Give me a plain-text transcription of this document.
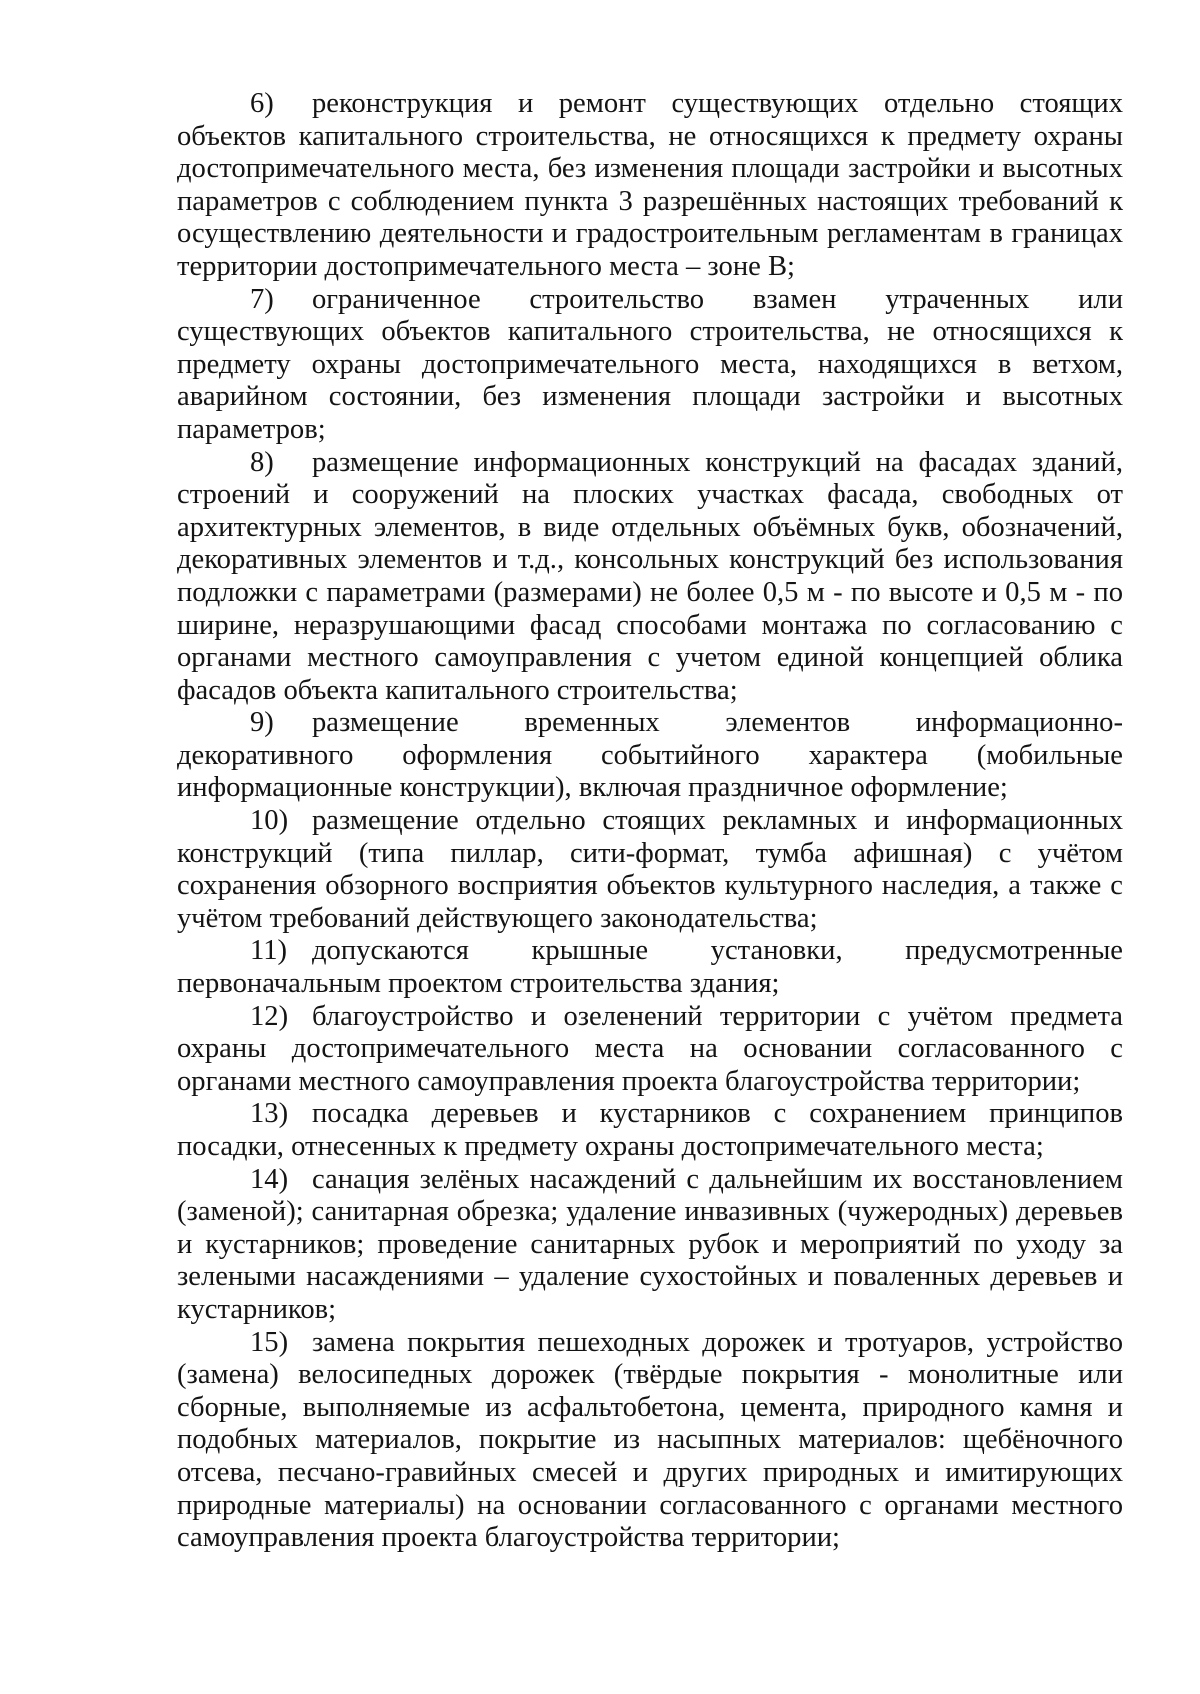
6) реконструкция и ремонт существующих отдельно стоящих объектов капитального строительства, не относящихся к предмету охраны достопримечательного места, без изменения площади застройки и высотных параметров с соблюдением пункта 3 разрешённых настоящих требований к осуществлению деятельности и градостроительным регламентам в границах территории достопримечательного места – зоне В;

7) ограниченное строительство взамен утраченных или существующих объектов капитального строительства, не относящихся к предмету охраны достопримечательного места, находящихся в ветхом, аварийном состоянии, без изменения площади застройки и высотных параметров;

8) размещение информационных конструкций на фасадах зданий, строений и сооружений на плоских участках фасада, свободных от архитектурных элементов, в виде отдельных объёмных букв, обозначений, декоративных элементов и т.д., консольных конструкций без использования подложки с параметрами (размерами) не более 0,5 м - по высоте и 0,5 м - по ширине, неразрушающими фасад способами монтажа по согласованию с органами местного самоуправления с учетом единой концепцией облика фасадов объекта капитального строительства;

9) размещение временных элементов информационно-декоративного оформления событийного характера (мобильные информационные конструкции), включая праздничное оформление;

10) размещение отдельно стоящих рекламных и информационных конструкций (типа пиллар, сити-формат, тумба афишная) с учётом сохранения обзорного восприятия объектов культурного наследия, а также с учётом требований действующего законодательства;

11) допускаются крышные установки, предусмотренные первоначальным проектом строительства здания;

12) благоустройство и озеленений территории с учётом предмета охраны достопримечательного места на основании согласованного с органами местного самоуправления проекта благоустройства территории;

13) посадка деревьев и кустарников с сохранением принципов посадки, отнесенных к предмету охраны достопримечательного места;

14) санация зелёных насаждений с дальнейшим их восстановлением (заменой); санитарная обрезка; удаление инвазивных (чужеродных) деревьев и кустарников; проведение санитарных рубок и мероприятий по уходу за зелеными насаждениями – удаление сухостойных и поваленных деревьев и кустарников;

15) замена покрытия пешеходных дорожек и тротуаров, устройство (замена) велосипедных дорожек (твёрдые покрытия - монолитные или сборные, выполняемые из асфальтобетона, цемента, природного камня и подобных материалов, покрытие из насыпных материалов: щебёночного отсева, песчано-гравийных смесей и других природных и имитирующих природные материалы) на основании согласованного с органами местного самоуправления проекта благоустройства территории;
